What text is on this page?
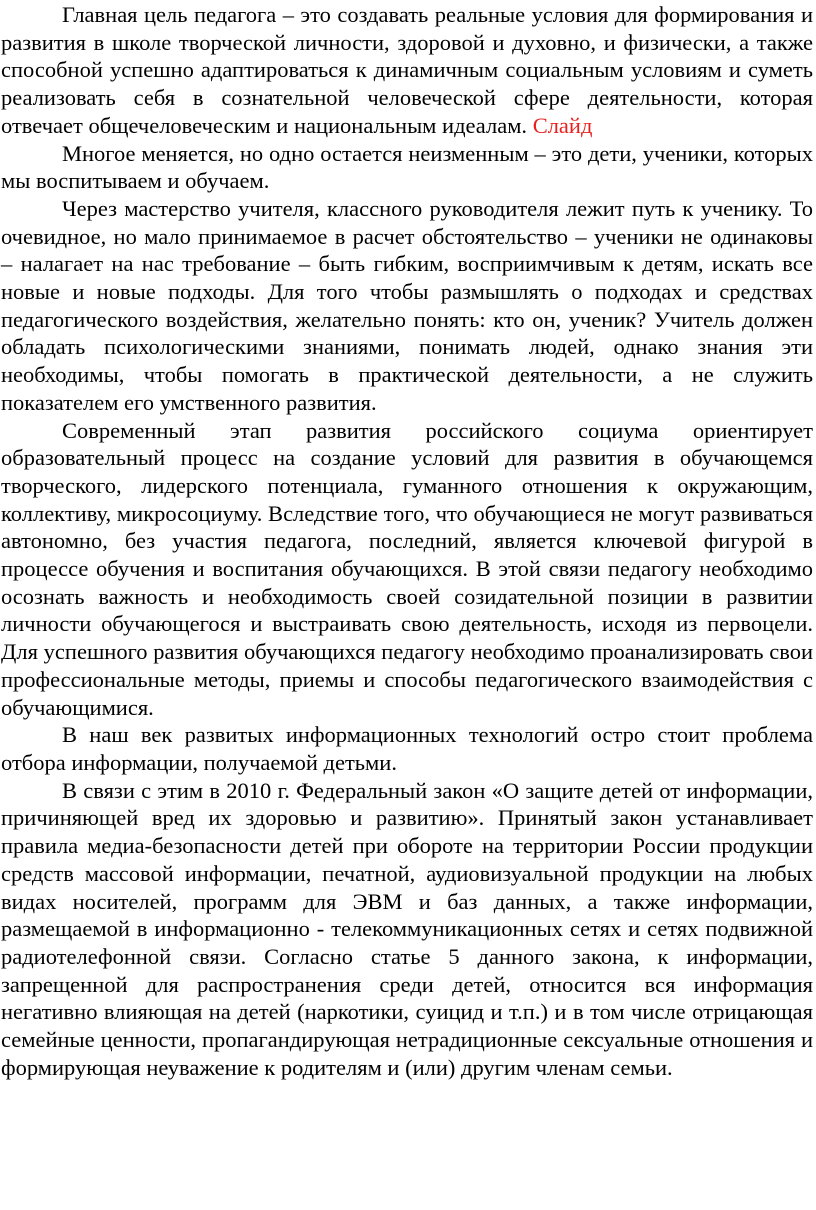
Главная цель педагога – это создавать реальные условия для формирования и развития в школе творческой личности, здоровой и духовно, и физически, а также способной успешно адаптироваться к динамичным социальным условиям и суметь реализовать себя в сознательной человеческой сфере деятельности, которая отвечает общечеловеческим и национальным идеалам. Слайд

Многое меняется, но одно остается неизменным – это дети, ученики, которых мы воспитываем и обучаем.

Через мастерство учителя, классного руководителя лежит путь к ученику. То очевидное, но мало принимаемое в расчет обстоятельство – ученики не одинаковы – налагает на нас требование – быть гибким, восприимчивым к детям, искать все новые и новые подходы. Для того чтобы размышлять о подходах и средствах педагогического воздействия, желательно понять: кто он, ученик? Учитель должен обладать психологическими знаниями, понимать людей, однако знания эти необходимы, чтобы помогать в практической деятельности, а не служить показателем его умственного развития.

Современный этап развития российского социума ориентирует образовательный процесс на создание условий для развития в обучающемся творческого, лидерского потенциала, гуманного отношения к окружающим, коллективу, микросоциуму. Вследствие того, что обучающиеся не могут развиваться автономно, без участия педагога, последний, является ключевой фигурой в процессе обучения и воспитания обучающихся. В этой связи педагогу необходимо осознать важность и необходимость своей созидательной позиции в развитии личности обучающегося и выстраивать свою деятельность, исходя из первоцели. Для успешного развития обучающихся педагогу необходимо проанализировать свои профессиональные методы, приемы и способы педагогического взаимодействия с обучающимися.

В наш век развитых информационных технологий остро стоит проблема отбора информации, получаемой детьми.

В связи с этим в 2010 г. Федеральный закон «О защите детей от информации, причиняющей вред их здоровью и развитию». Принятый закон устанавливает правила медиа-безопасности детей при обороте на территории России продукции средств массовой информации, печатной, аудиовизуальной продукции на любых видах носителей, программ для ЭВМ и баз данных, а также информации, размещаемой в информационно - телекоммуникационных сетях и сетях подвижной радиотелефонной связи. Согласно статье 5 данного закона, к информации, запрещенной для распространения среди детей, относится вся информация негативно влияющая на детей (наркотики, суицид и т.п.) и в том числе отрицающая семейные ценности, пропагандирующая нетрадиционные сексуальные отношения и формирующая неуважение к родителям и (или) другим членам семьи.
